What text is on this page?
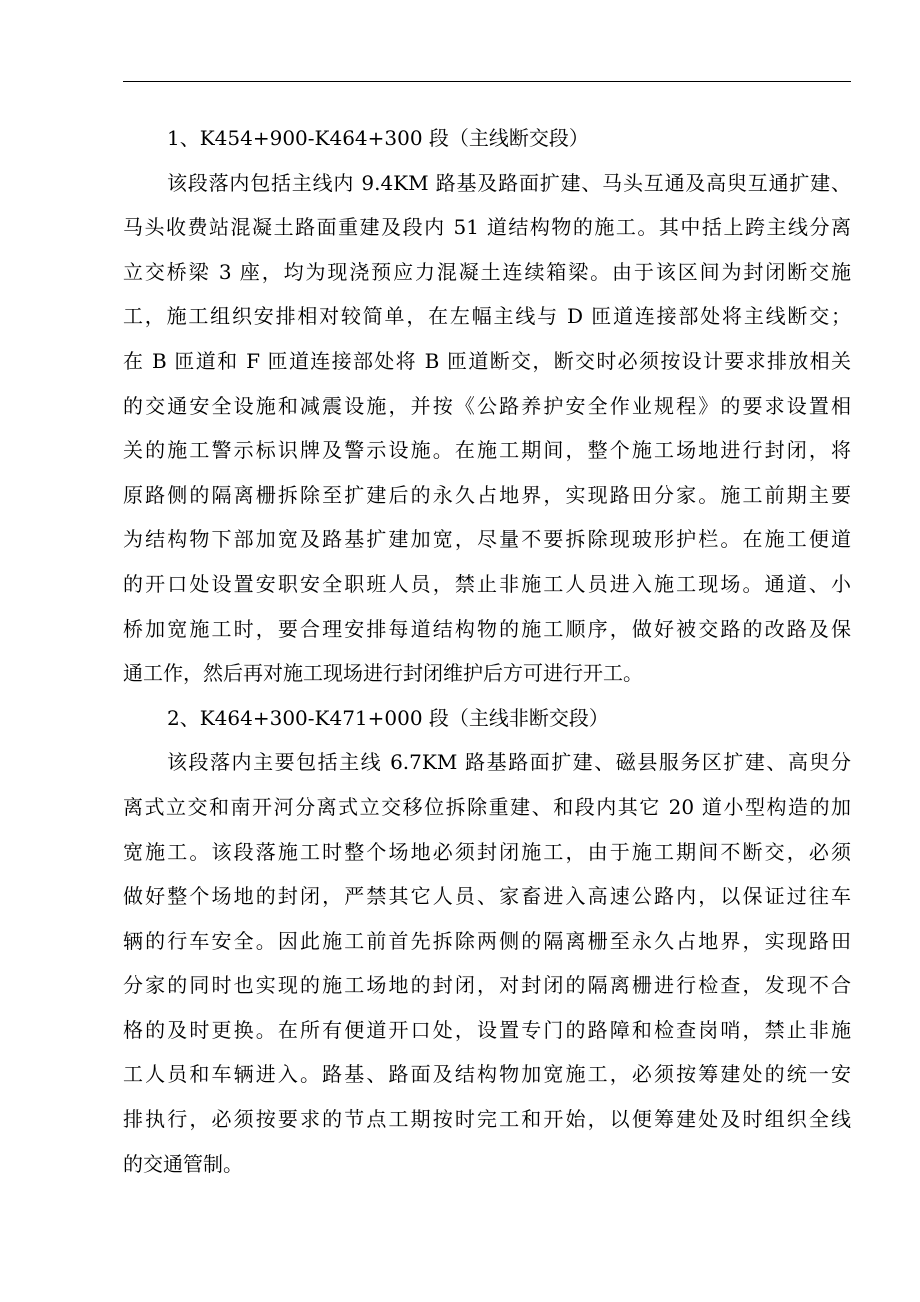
1、K454+900-K464+300 段（主线断交段）
该段落内包括主线内 9.4KM 路基及路面扩建、马头互通及高臾互通扩建、
马头收费站混凝土路面重建及段内 51 道结构物的施工。其中括上跨主线分离
立交桥梁 3 座，均为现浇预应力混凝土连续箱梁。由于该区间为封闭断交施
工，施工组织安排相对较简单，在左幅主线与 D 匝道连接部处将主线断交；
在 B 匝道和 F 匝道连接部处将 B 匝道断交，断交时必须按设计要求排放相关
的交通安全设施和减震设施，并按《公路养护安全作业规程》的要求设置相
关的施工警示标识牌及警示设施。在施工期间，整个施工场地进行封闭，将
原路侧的隔离栅拆除至扩建后的永久占地界，实现路田分家。施工前期主要
为结构物下部加宽及路基扩建加宽，尽量不要拆除现玻形护栏。在施工便道
的开口处设置安职安全职班人员，禁止非施工人员进入施工现场。通道、小
桥加宽施工时，要合理安排每道结构物的施工顺序，做好被交路的改路及保
通工作，然后再对施工现场进行封闭维护后方可进行开工。
2、K464+300-K471+000 段（主线非断交段）
该段落内主要包括主线 6.7KM 路基路面扩建、磁县服务区扩建、高臾分
离式立交和南开河分离式立交移位拆除重建、和段内其它 20 道小型构造的加
宽施工。该段落施工时整个场地必须封闭施工，由于施工期间不断交，必须
做好整个场地的封闭，严禁其它人员、家畜进入高速公路内，以保证过往车
辆的行车安全。因此施工前首先拆除两侧的隔离栅至永久占地界，实现路田
分家的同时也实现的施工场地的封闭，对封闭的隔离栅进行检查，发现不合
格的及时更换。在所有便道开口处，设置专门的路障和检查岗哨，禁止非施
工人员和车辆进入。路基、路面及结构物加宽施工，必须按筹建处的统一安
排执行，必须按要求的节点工期按时完工和开始，以便筹建处及时组织全线
的交通管制。
